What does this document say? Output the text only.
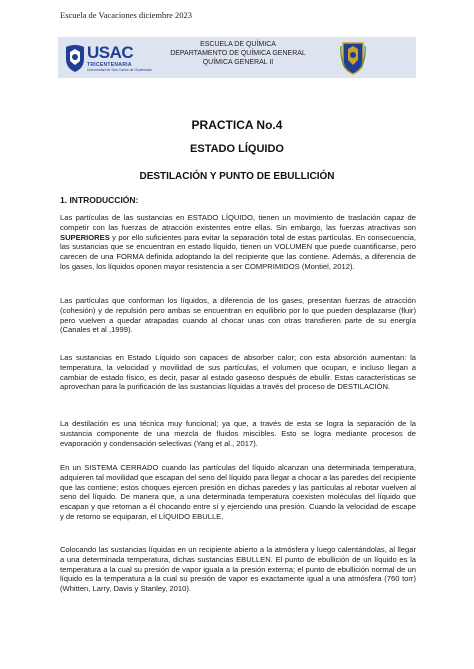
Escuela de Vacaciones diciembre 2023
USAC
TRICENTENARIA
Universidad de San Carlos de Guatemala
ESCUELA DE QUÍMICA
DEPARTAMENTO DE QUÍMICA GENERAL
QUÍMICA GENERAL II
PRACTICA No.4
ESTADO LÍQUIDO
DESTILACIÓN Y PUNTO DE EBULLICIÓN
1. INTRODUCCIÓN:
Las partículas de las sustancias en ESTADO LÍQUIDO, tienen un movimiento de traslación capaz de competir con las fuerzas de atracción existentes entre ellas. Sin embargo, las fuerzas atractivas son SUPERIORES y por ello suficientes para evitar la separación total de estas partículas. En consecuencia, las sustancias que se encuentran en estado líquido, tienen un VOLUMEN que puede cuantificarse, pero carecen de una FORMA definida adoptando la del recipiente que las contiene. Además, a diferencia de los gases, los líquidos oponen mayor resistencia a ser COMPRIMIDOS (Montiel, 2012).
Las partículas que conforman los líquidos, a diferencia de los gases, presentan fuerzas de atracción (cohesión) y de repulsión pero ambas se encuentran en equilibrio por lo que pueden desplazarse (fluir) pero vuelven a quedar atrapadas cuando al chocar unas con otras transfieren parte de su energía (Canales et al ,1999).
Las sustancias en Estado Líquido son capaces de absorber calor; con esta absorción aumentan: la temperatura, la velocidad y movilidad de sus partículas, el volumen que ocupan, e incluso llegan a cambiar de estado físico, es decir, pasar al estado gaseoso después de ebullir. Estas características se aprovechan para la purificación de las sustancias líquidas a través del proceso de DESTILACIÓN.
La destilación es una técnica muy funcional; ya que, a través de esta se logra la separación de la sustancia componente de una mezcla de fluidos miscibles. Esto se logra mediante procesos de evaporación y condensación selectivas (Yang et al., 2017).
En un SISTEMA CERRADO cuando las partículas del líquido alcanzan una determinada temperatura, adquieren tal movilidad que escapan del seno del líquido para llegar a chocar a las paredes del recipiente que las contiene; estos choques ejercen presión en dichas paredes y las partículas al rebotar vuelven al seno del líquido. De manera que, a una determinada temperatura coexisten moléculas del líquido que escapan y que retornan a él chocando entre sí y ejerciendo una presión. Cuando la velocidad de escape y de retorno se equiparan, el LÍQUIDO EBULLE.
Colocando las sustancias líquidas en un recipiente abierto a la atmósfera y luego calentándolas, al llegar a una determinada temperatura, dichas sustancias EBULLEN. El punto de ebullición de un líquido es la temperatura a la cual su presión de vapor iguala a la presión externa; el punto de ebullición normal de un líquido es la temperatura a la cual su presión de vapor es exactamente igual a una atmósfera (760 torr) (Whitten, Larry, Davis y Stanley, 2010).
